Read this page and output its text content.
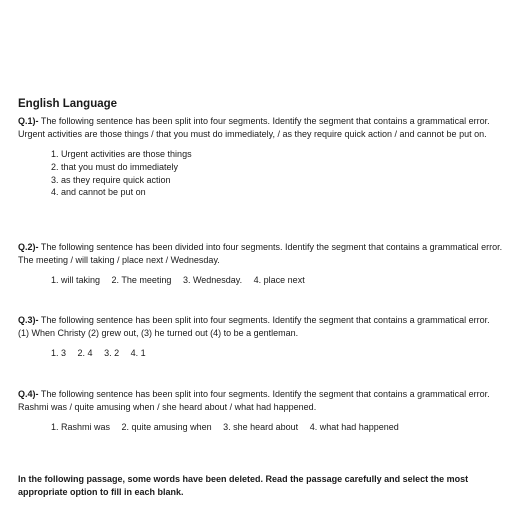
English Language
Q.1)- The following sentence has been split into four segments. Identify the segment that contains a grammatical error.
Urgent activities are those things / that you must do immediately, / as they require quick action / and cannot be put on.
1. Urgent activities are those things
2. that you must do immediately
3. as they require quick action
4. and cannot be put on
Q.2)- The following sentence has been divided into four segments. Identify the segment that contains a grammatical error.
The meeting / will taking / place next / Wednesday.
1. will taking 2. The meeting 3. Wednesday. 4. place next
Q.3)- The following sentence has been split into four segments. Identify the segment that contains a grammatical error.
(1) When Christy (2) grew out, (3) he turned out (4) to be a gentleman.
1. 3 2. 4 3. 2 4. 1
Q.4)- The following sentence has been split into four segments. Identify the segment that contains a grammatical error.
Rashmi was / quite amusing when / she heard about / what had happened.
1. Rashmi was 2. quite amusing when 3. she heard about 4. what had happened
In the following passage, some words have been deleted. Read the passage carefully and select the most appropriate option to fill in each blank.
